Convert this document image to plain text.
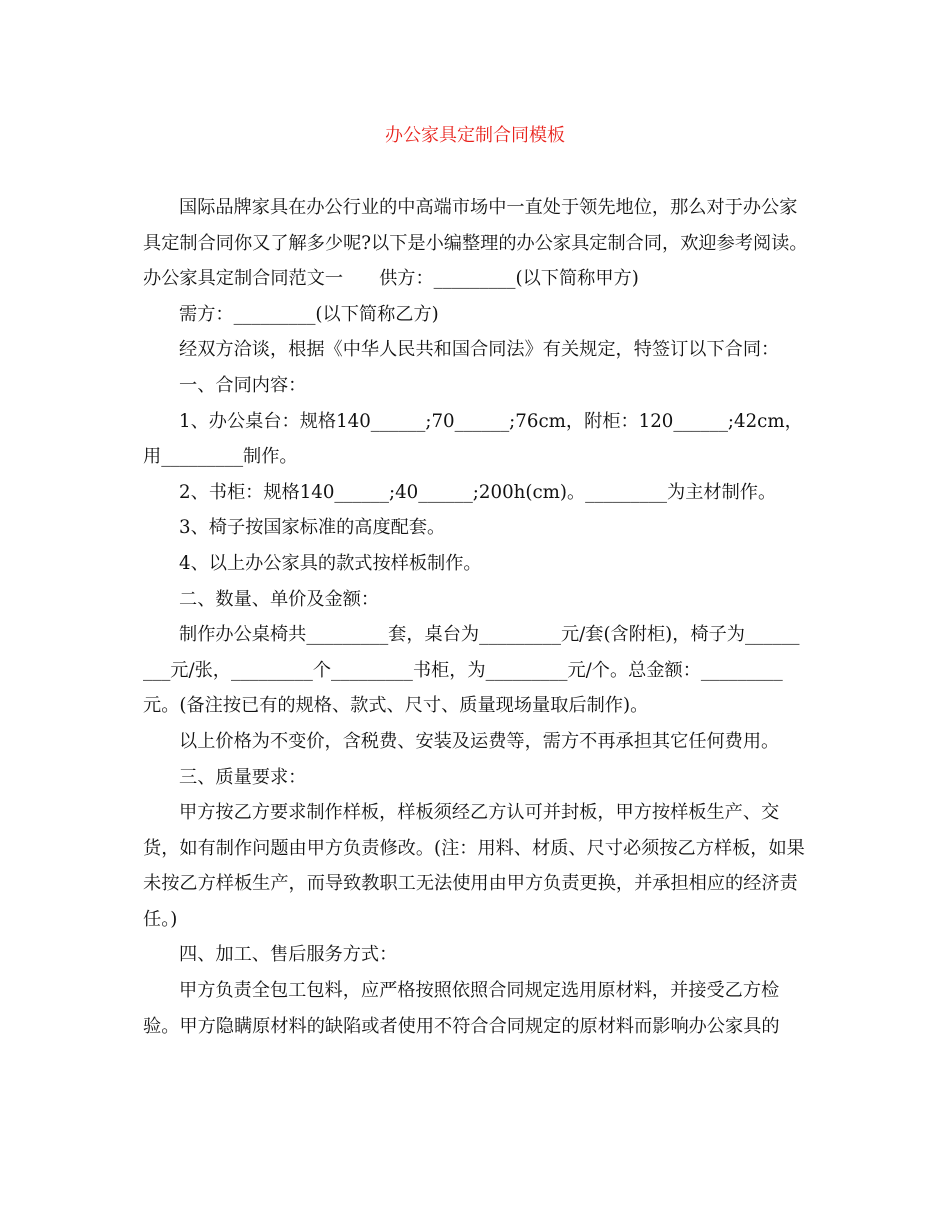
办公家具定制合同模板

国际品牌家具在办公行业的中高端市场中一直处于领先地位，那么对于办公家具定制合同你又了解多少呢?以下是小编整理的办公家具定制合同，欢迎参考阅读。

办公家具定制合同范文一 供方：_________(以下简称甲方)

需方：_________(以下简称乙方)

经双方洽谈，根据《中华人民共和国合同法》有关规定，特签订以下合同：

一、合同内容：

1、办公桌台：规格140______;70______;76cm，附柜：120______;42cm，用_________制作。

2、书柜：规格140______;40______;200h(cm)。_________为主材制作。

3、椅子按国家标准的高度配套。

4、以上办公家具的款式按样板制作。

二、数量、单价及金额：

制作办公桌椅共_________套，桌台为_________元/套(含附柜)，椅子为_________元/张，_________个_________书柜，为_________元/个。总金额：_________元。(备注按已有的规格、款式、尺寸、质量现场量取后制作)。

以上价格为不变价，含税费、安装及运费等，需方不再承担其它任何费用。

三、质量要求：

甲方按乙方要求制作样板，样板须经乙方认可并封板，甲方按样板生产、交货，如有制作问题由甲方负责修改。(注：用料、材质、尺寸必须按乙方样板，如果未按乙方样板生产，而导致教职工无法使用由甲方负责更换，并承担相应的经济责任。)

四、加工、售后服务方式：

甲方负责全包工包料，应严格按照依照合同规定选用原材料，并接受乙方检验。甲方隐瞒原材料的缺陷或者使用不符合合同规定的原材料而影响办公家具的
